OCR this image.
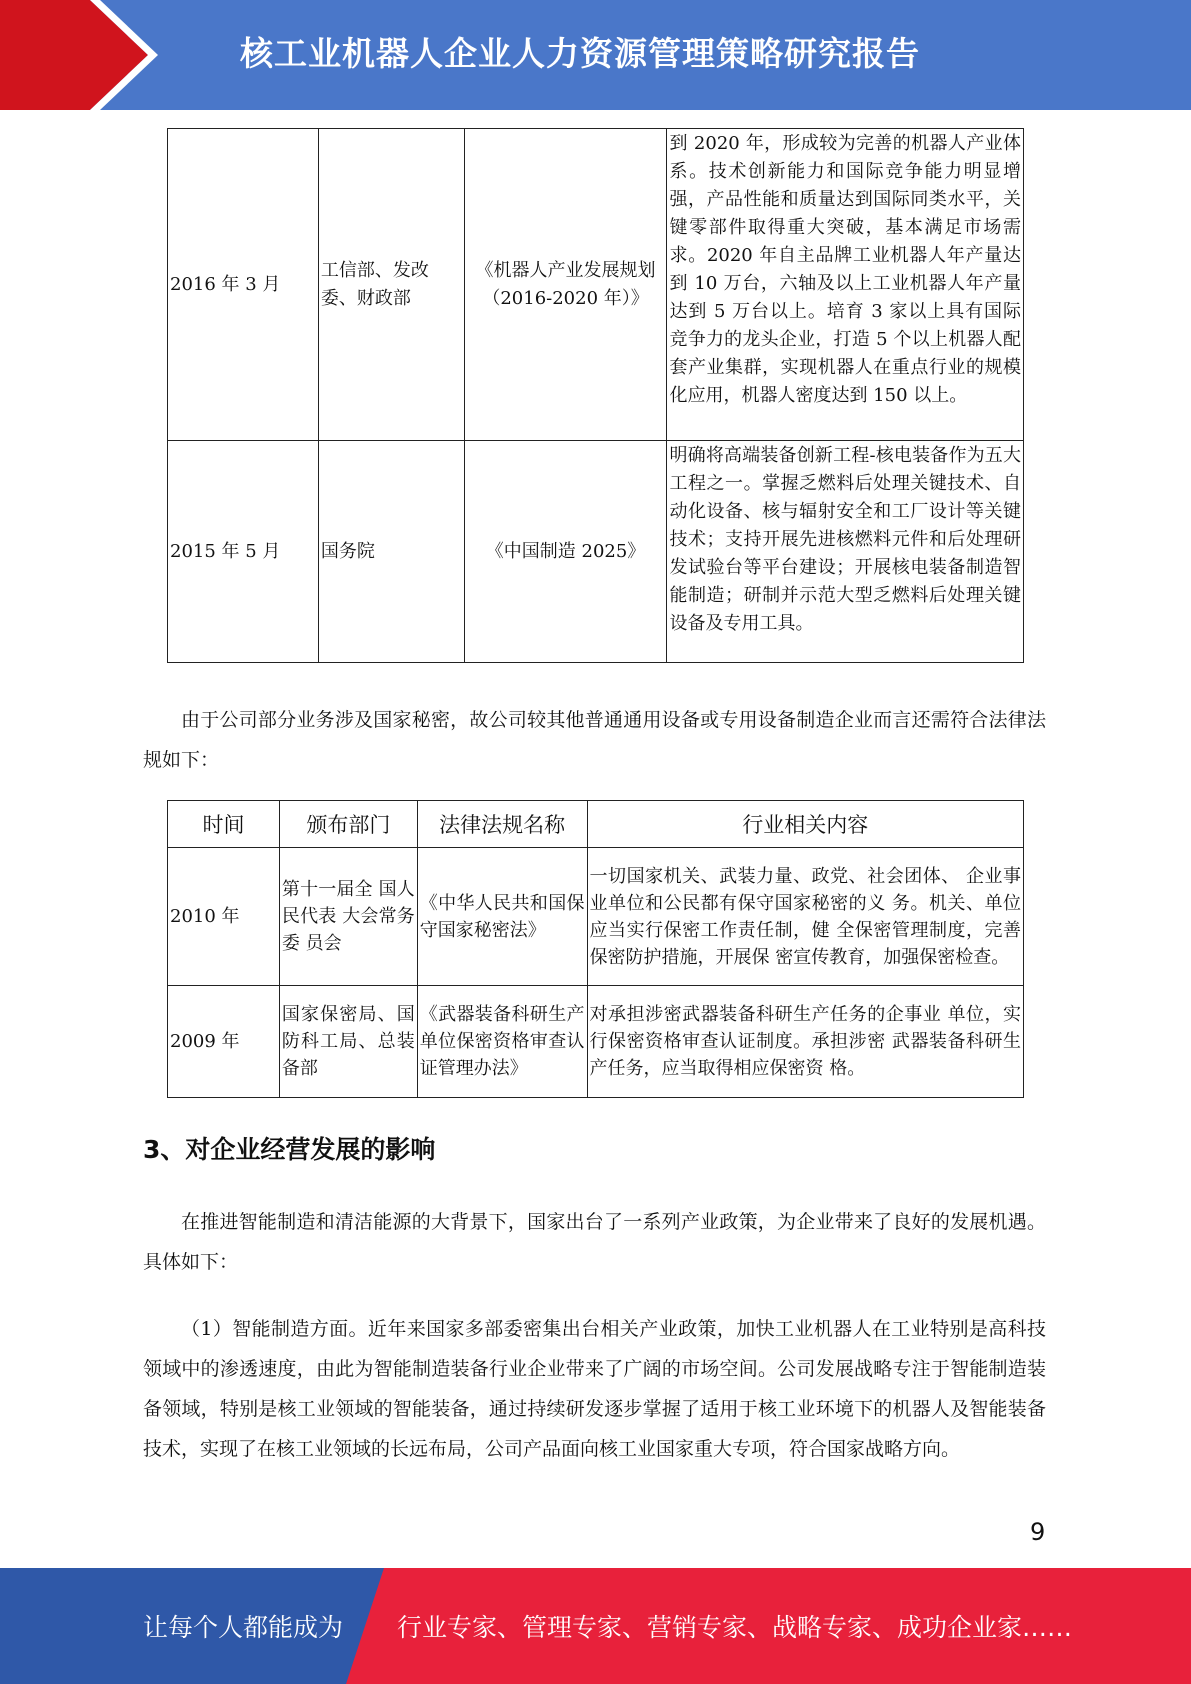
核工业机器人企业人力资源管理策略研究报告
2016 年 3 月	工信部、发改委、财政部	《机器人产业发展规划（2016-2020 年）》	到 2020 年，形成较为完善的机器人产业体系。技术创新能力和国际竞争能力明显增强，产品性能和质量达到国际同类水平，关键零部件取得重大突破，基本满足市场需求。2020 年自主品牌工业机器人年产量达到 10 万台，六轴及以上工业机器人年产量达到 5 万台以上。培育 3 家以上具有国际竞争力的龙头企业，打造 5 个以上机器人配套产业集群，实现机器人在重点行业的规模化应用，机器人密度达到 150 以上。
2015 年 5 月	国务院	《中国制造 2025》	明确将高端装备创新工程-核电装备作为五大工程之一。掌握乏燃料后处理关键技术、自动化设备、核与辐射安全和工厂设计等关键技术；支持开展先进核燃料元件和后处理研发试验台等平台建设；开展核电装备制造智能制造；研制并示范大型乏燃料后处理关键设备及专用工具。

由于公司部分业务涉及国家秘密，故公司较其他普通通用设备或专用设备制造企业而言还需符合法律法规如下：

时间	颁布部门	法律法规名称	行业相关内容
2010 年	第十一届全 国人民代表 大会常务委 员会	《中华人民共和国保守国家秘密法》	一切国家机关、武装力量、政党、社会团体、 企业事业单位和公民都有保守国家秘密的义 务。机关、单位应当实行保密工作责任制，健 全保密管理制度，完善保密防护措施，开展保 密宣传教育，加强保密检查。
2009 年	国家保密局、国防科工局、总装备部	《武器装备科研生产单位保密资格审查认证管理办法》	对承担涉密武器装备科研生产任务的企事业 单位，实行保密资格审查认证制度。承担涉密 武器装备科研生产任务，应当取得相应保密资 格。
3、对企业经营发展的影响

在推进智能制造和清洁能源的大背景下，国家出台了一系列产业政策，为企业带来了良好的发展机遇。具体如下：

（1）智能制造方面。近年来国家多部委密集出台相关产业政策，加快工业机器人在工业特别是高科技领域中的渗透速度，由此为智能制造装备行业企业带来了广阔的市场空间。公司发展战略专注于智能制造装备领域，特别是核工业领域的智能装备，通过持续研发逐步掌握了适用于核工业环境下的机器人及智能装备技术，实现了在核工业领域的长远布局，公司产品面向核工业国家重大专项，符合国家战略方向。

9
让每个人都能成为 行业专家、管理专家、营销专家、战略专家、成功企业家……
